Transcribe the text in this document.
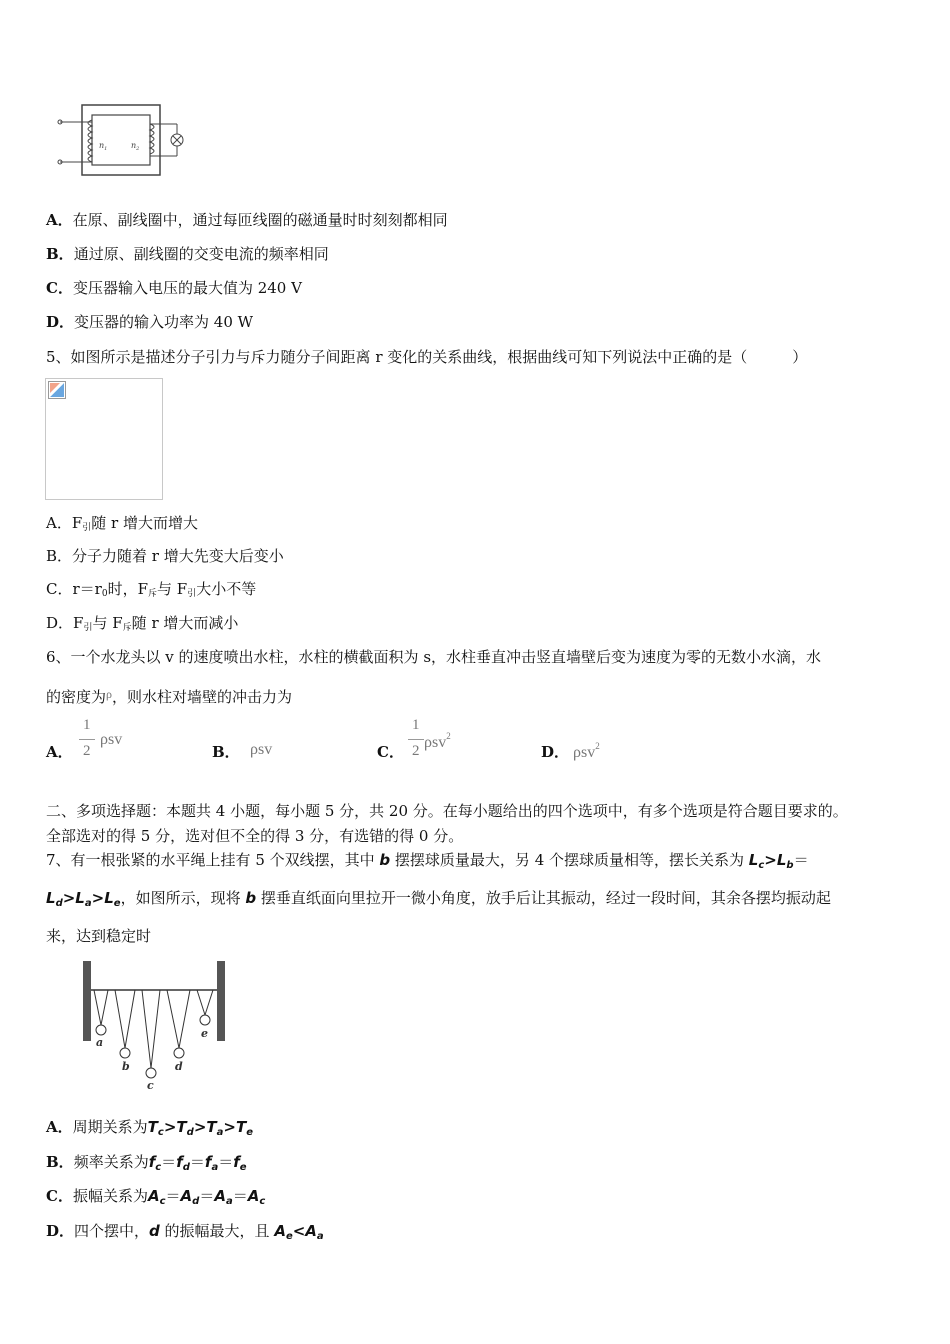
$n_1$	$n_2$
A．在原、副线圈中，通过每匝线圈的磁通量时时刻刻都相同
B．通过原、副线圈的交变电流的频率相同
C．变压器输入电压的最大值为 240 V
D．变压器的输入功率为 40 W
5、如图所示是描述分子引力与斥力随分子间距离 r 变化的关系曲线，根据曲线可知下列说法中正确的是（　　　）
A．F引随 r 增大而增大
B．分子力随着 r 增大先变大后变小
C．r＝r0时，F斥与 F引大小不等
D．F引与 F斥随 r 增大而减小
6、一个水龙头以 v 的速度喷出水柱，水柱的横截面积为 s，水柱垂直冲击竖直墙壁后变为速度为零的无数小水滴，水
的密度为$^\rho$，则水柱对墙壁的冲击力为
A．
1
2
ρsv
B． ρsv	C．
1
2 ρsv$^2$
D． ρsv$^2$
二、多项选择题：本题共 4 小题，每小题 5 分，共 20 分。在每小题给出的四个选项中，有多个选项是符合题目要求的。
全部选对的得 5 分，选对但不全的得 3 分，有选错的得 0 分。
7、有一根张紧的水平绳上挂有 5 个双线摆，其中 b 摆摆球质量最大，另 4 个摆球质量相等，摆长关系为 $L_c>L_b=$
$L_d>L_a>L_e$，如图所示，现将 b 摆垂直纸面向里拉开一微小角度，放手后让其振动，经过一段时间，其余各摆均振动起
来，达到稳定时
a
b
c
d
e
A．周期关系为$T_c>T_d>T_a>T_e$
B．频率关系为$f_c=f_d=f_a=f_e$
C．振幅关系为$A_c=A_d=A_a=A_c$
D．四个摆中，d 的振幅最大，且 $A_e<A_a$
